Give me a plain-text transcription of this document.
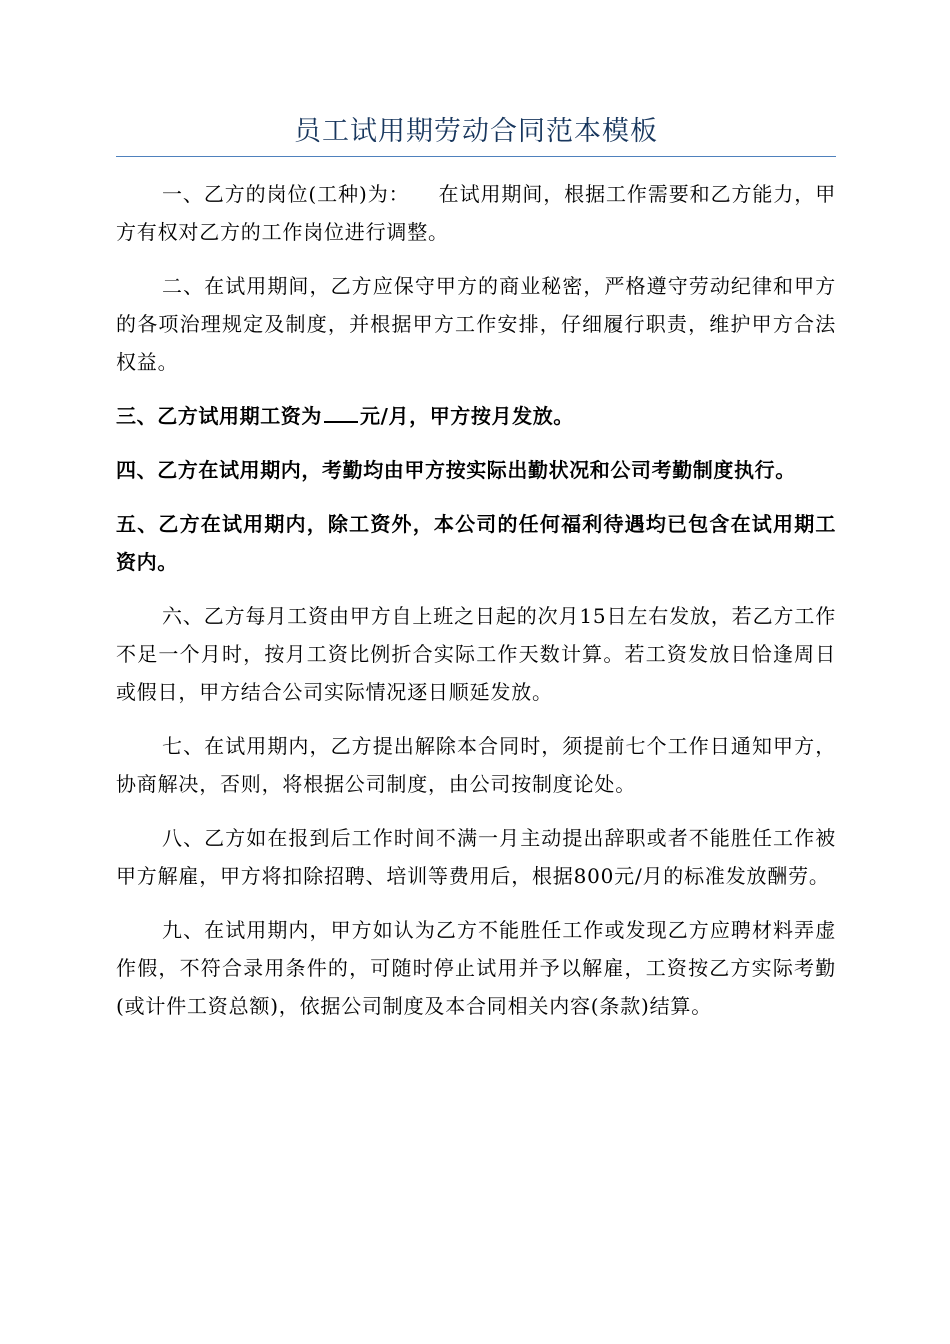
员工试用期劳动合同范本模板

一、乙方的岗位(工种)为：    在试用期间，根据工作需要和乙方能力，甲方有权对乙方的工作岗位进行调整。

二、在试用期间，乙方应保守甲方的商业秘密，严格遵守劳动纪律和甲方的各项治理规定及制度，并根据甲方工作安排，仔细履行职责，维护甲方合法权益。

三、乙方试用期工资为 元/月，甲方按月发放。

四、乙方在试用期内，考勤均由甲方按实际出勤状况和公司考勤制度执行。

五、乙方在试用期内，除工资外，本公司的任何福利待遇均已包含在试用期工资内。

六、乙方每月工资由甲方自上班之日起的次月15日左右发放，若乙方工作不足一个月时，按月工资比例折合实际工作天数计算。若工资发放日恰逢周日或假日，甲方结合公司实际情况逐日顺延发放。

七、在试用期内，乙方提出解除本合同时，须提前七个工作日通知甲方，协商解决，否则，将根据公司制度，由公司按制度论处。

八、乙方如在报到后工作时间不满一月主动提出辞职或者不能胜任工作被甲方解雇，甲方将扣除招聘、培训等费用后，根据800元/月的标准发放酬劳。

九、在试用期内，甲方如认为乙方不能胜任工作或发现乙方应聘材料弄虚作假，不符合录用条件的，可随时停止试用并予以解雇，工资按乙方实际考勤(或计件工资总额)，依据公司制度及本合同相关内容(条款)结算。
